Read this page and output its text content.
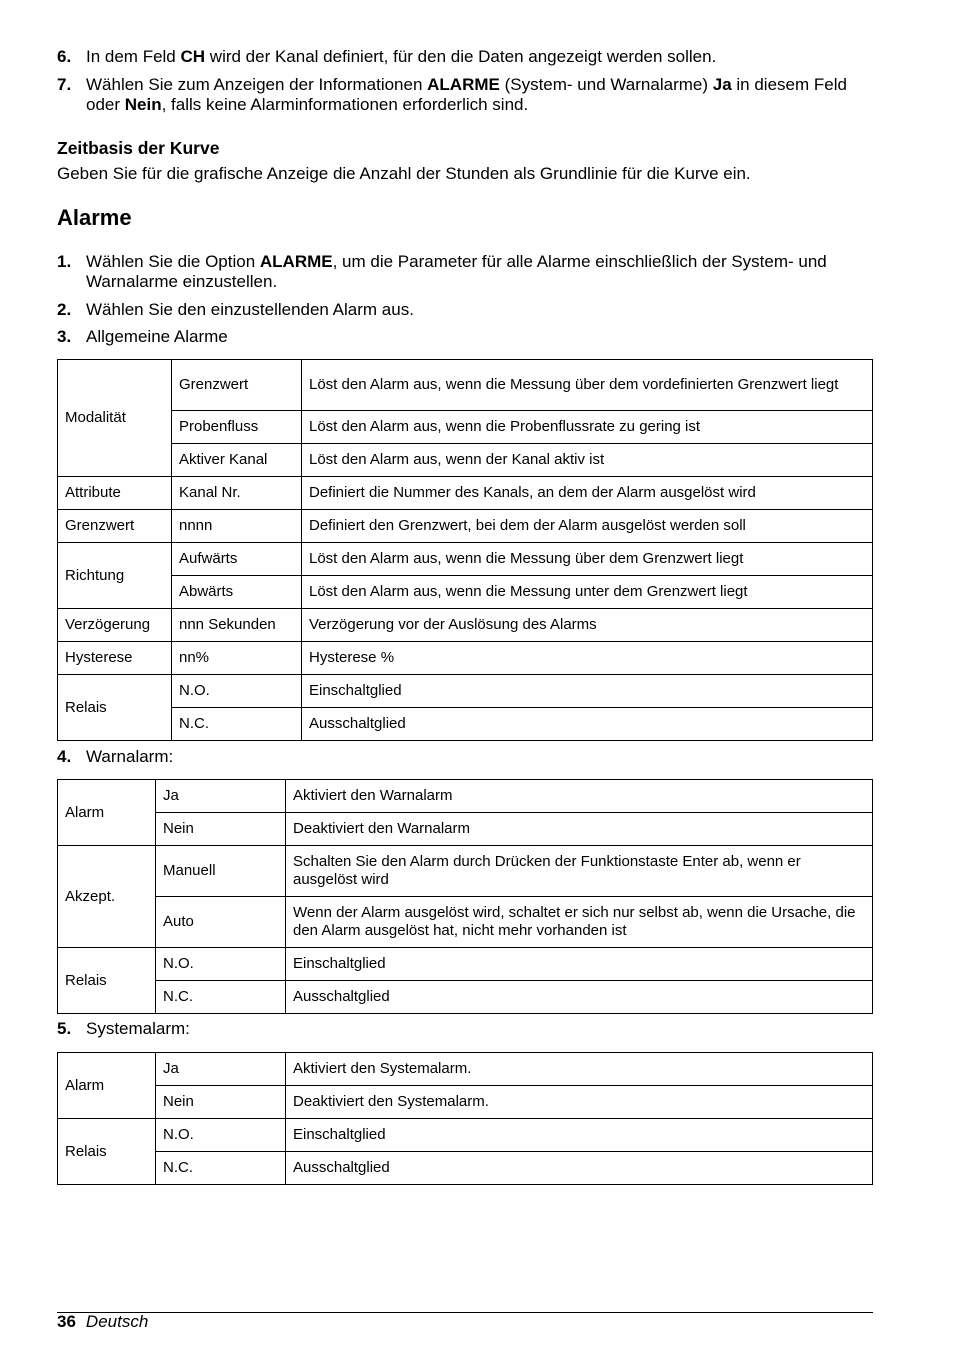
6. In dem Feld CH wird der Kanal definiert, für den die Daten angezeigt werden sollen.
7. Wählen Sie zum Anzeigen der Informationen ALARME (System- und Warnalarme) Ja in diesem Feld oder Nein, falls keine Alarminformationen erforderlich sind.
Zeitbasis der Kurve

Geben Sie für die grafische Anzeige die Anzahl der Stunden als Grundlinie für die Kurve ein.

Alarme
1. Wählen Sie die Option ALARME, um die Parameter für alle Alarme einschließlich der System- und Warnalarme einzustellen.
2. Wählen Sie den einzustellenden Alarm aus.
3. Allgemeine Alarme
Modalität	Grenzwert	Löst den Alarm aus, wenn die Messung über dem vordefinierten Grenzwert liegt
	Probenfluss	Löst den Alarm aus, wenn die Probenflussrate zu gering ist
	Aktiver Kanal	Löst den Alarm aus, wenn der Kanal aktiv ist
Attribute	Kanal Nr.	Definiert die Nummer des Kanals, an dem der Alarm ausgelöst wird
Grenzwert	nnnn	Definiert den Grenzwert, bei dem der Alarm ausgelöst werden soll
Richtung	Aufwärts	Löst den Alarm aus, wenn die Messung über dem Grenzwert liegt
	Abwärts	Löst den Alarm aus, wenn die Messung unter dem Grenzwert liegt
Verzögerung	nnn Sekunden	Verzögerung vor der Auslösung des Alarms
Hysterese	nn%	Hysterese %
Relais	N.O.	Einschaltglied
	N.C.	Ausschaltglied
4. Warnalarm:
Alarm	Ja	Aktiviert den Warnalarm
	Nein	Deaktiviert den Warnalarm
Akzept.	Manuell	Schalten Sie den Alarm durch Drücken der Funktionstaste Enter ab, wenn er ausgelöst wird
	Auto	Wenn der Alarm ausgelöst wird, schaltet er sich nur selbst ab, wenn die Ursache, die den Alarm ausgelöst hat, nicht mehr vorhanden ist
Relais	N.O.	Einschaltglied
	N.C.	Ausschaltglied
5. Systemalarm:
Alarm	Ja	Aktiviert den Systemalarm.
	Nein	Deaktiviert den Systemalarm.
Relais	N.O.	Einschaltglied
	N.C.	Ausschaltglied
36 Deutsch
